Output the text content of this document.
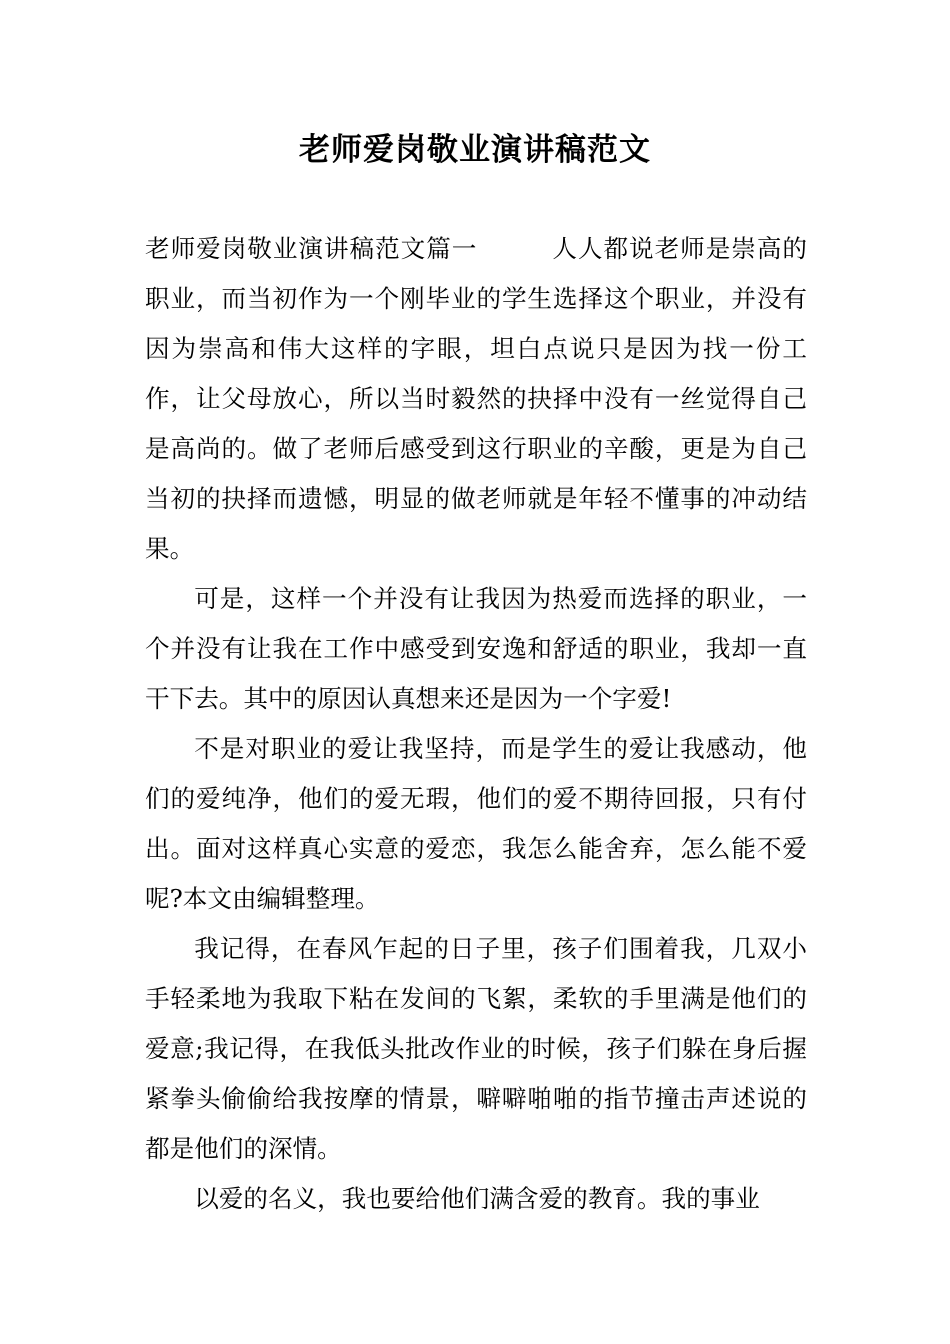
老师爱岗敬业演讲稿范文

老师爱岗敬业演讲稿范文篇一	人人都说老师是崇高的职业，而当初作为一个刚毕业的学生选择这个职业，并没有因为崇高和伟大这样的字眼，坦白点说只是因为找一份工作，让父母放心，所以当时毅然的抉择中没有一丝觉得自己是高尚的。做了老师后感受到这行职业的辛酸，更是为自己当初的抉择而遗憾，明显的做老师就是年轻不懂事的冲动结果。

可是，这样一个并没有让我因为热爱而选择的职业，一个并没有让我在工作中感受到安逸和舒适的职业，我却一直干下去。其中的原因认真想来还是因为一个字爱!

不是对职业的爱让我坚持，而是学生的爱让我感动，他们的爱纯净，他们的爱无瑕，他们的爱不期待回报，只有付出。面对这样真心实意的爱恋，我怎么能舍弃，怎么能不爱呢?本文由编辑整理。

我记得，在春风乍起的日子里，孩子们围着我，几双小手轻柔地为我取下粘在发间的飞絮，柔软的手里满是他们的爱意;我记得，在我低头批改作业的时候，孩子们躲在身后握紧拳头偷偷给我按摩的情景，噼噼啪啪的指节撞击声述说的都是他们的深情。

以爱的名义，我也要给他们满含爱的教育。我的事业
